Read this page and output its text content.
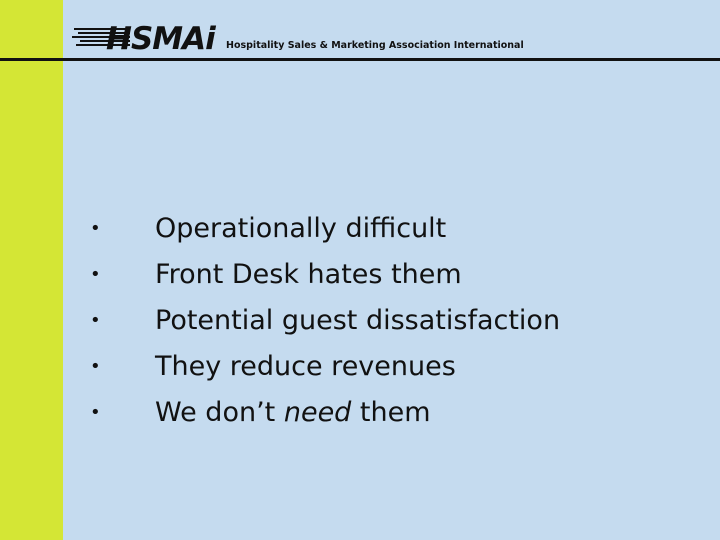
HSMAi Hospitality Sales & Marketing Association International
•	Operationally difficult
•	Front Desk hates them
•	Potential guest dissatisfaction
•	They reduce revenues
•	We don’t need them
